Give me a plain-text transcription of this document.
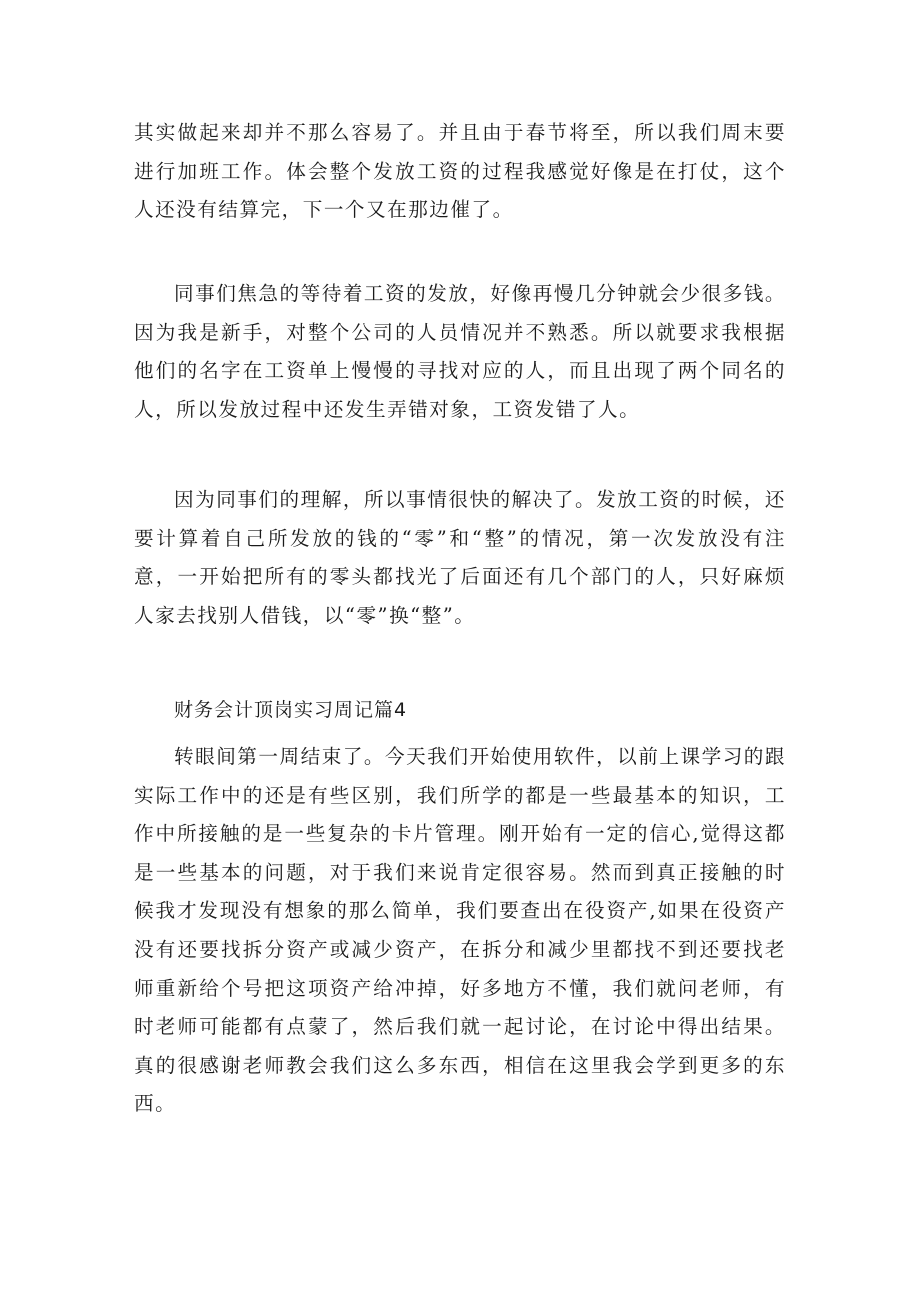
其实做起来却并不那么容易了。并且由于春节将至，所以我们周末要进行加班工作。体会整个发放工资的过程我感觉好像是在打仗，这个人还没有结算完，下一个又在那边催了。

同事们焦急的等待着工资的发放，好像再慢几分钟就会少很多钱。因为我是新手，对整个公司的人员情况并不熟悉。所以就要求我根据他们的名字在工资单上慢慢的寻找对应的人，而且出现了两个同名的人，所以发放过程中还发生弄错对象，工资发错了人。

因为同事们的理解，所以事情很快的解决了。发放工资的时候，还要计算着自己所发放的钱的“零”和“整”的情况，第一次发放没有注意，一开始把所有的零头都找光了后面还有几个部门的人，只好麻烦人家去找别人借钱，以“零”换“整”。

财务会计顶岗实习周记篇4

转眼间第一周结束了。今天我们开始使用软件，以前上课学习的跟实际工作中的还是有些区别，我们所学的都是一些最基本的知识，工作中所接触的是一些复杂的卡片管理。刚开始有一定的信心,觉得这都是一些基本的问题，对于我们来说肯定很容易。然而到真正接触的时候我才发现没有想象的那么简单，我们要查出在役资产,如果在役资产没有还要找拆分资产或减少资产，在拆分和减少里都找不到还要找老师重新给个号把这项资产给冲掉，好多地方不懂，我们就问老师，有时老师可能都有点蒙了，然后我们就一起讨论，在讨论中得出结果。真的很感谢老师教会我们这么多东西，相信在这里我会学到更多的东西。
